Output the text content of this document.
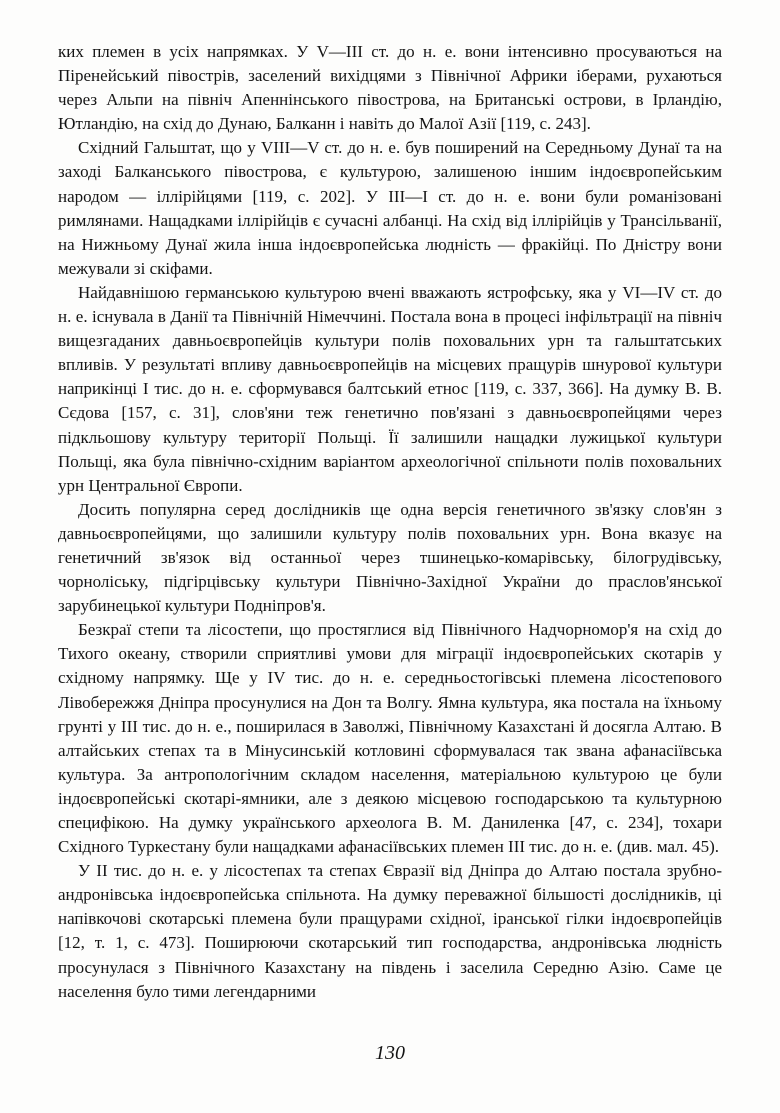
ких племен в усіх напрямках. У V—III ст. до н. е. вони інтенсивно просуваються на Піренейський півострів, заселений вихідцями з Північної Африки іберами, рухаються через Альпи на північ Апеннінського півострова, на Британські острови, в Ірландію, Ютландію, на схід до Дунаю, Балканн і навіть до Малої Азії [119, с. 243].

Східний Гальштат, що у VIII—V ст. до н. е. був поширений на Середньому Дунаї та на заході Балканського півострова, є культурою, залишеною іншим індоєвропейським народом — іллірійцями [119, с. 202]. У III—I ст. до н. е. вони були романізовані римлянами. Нащадками іллірійців є сучасні албанці. На схід від іллірійців у Трансільванії, на Нижньому Дунаї жила інша індоєвропейська людність — фракійці. По Дністру вони межували зі скіфами.

Найдавнішою германською культурою вчені вважають ястрофську, яка у VI—IV ст. до н. е. існувала в Данії та Північній Німеччині. Постала вона в процесі інфільтрації на північ вищезгаданих давньоєвропейців культури полів поховальних урн та гальштатських впливів. У результаті впливу давньоєвропейців на місцевих пращурів шнурової культури наприкінці I тис. до н. е. сформувався балтський етнос [119, с. 337, 366]. На думку В. В. Сєдова [157, с. 31], слов'яни теж генетично пов'язані з давньоєвропейцями через підкльошову культуру території Польщі. Її залишили нащадки лужицької культури Польщі, яка була північно-східним варіантом археологічної спільноти полів поховальних урн Центральної Європи.

Досить популярна серед дослідників ще одна версія генетичного зв'язку слов'ян з давньоєвропейцями, що залишили культуру полів поховальних урн. Вона вказує на генетичний зв'язок від останньої через тшинецько-комарівську, білогрудівську, чорноліську, підгірцівську культури Північно-Західної України до праслов'янської зарубинецької культури Подніпров'я.

Безкраї степи та лісостепи, що простяглися від Північного Надчорномор'я на схід до Тихого океану, створили сприятливі умови для міграції індоєвропейських скотарів у східному напрямку. Ще у IV тис. до н. е. середньостогівські племена лісостепового Лівобережжя Дніпра просунулися на Дон та Волгу. Ямна культура, яка постала на їхньому грунті у III тис. до н. е., поширилася в Заволжі, Північному Казахстані й досягла Алтаю. В алтайських степах та в Мінусинській котловині сформувалася так звана афанасіївська культура. За антропологічним складом населення, матеріальною культурою це були індоєвропейські скотарі-ямники, але з деякою місцевою господарською та культурною специфікою. На думку українського археолога В. М. Даниленка [47, с. 234], тохари Східного Туркестану були нащадками афанасіївських племен III тис. до н. е. (див. мал. 45).

У II тис. до н. е. у лісостепах та степах Євразії від Дніпра до Алтаю постала зрубно-андронівська індоєвропейська спільнота. На думку переважної більшості дослідників, ці напівкочові скотарські племена були пращурами східної, іранської гілки індоєвропейців [12, т. 1, с. 473]. Поширюючи скотарський тип господарства, андронівська людність просунулася з Північного Казахстану на південь і заселила Середню Азію. Саме це населення було тими легендарними

130
